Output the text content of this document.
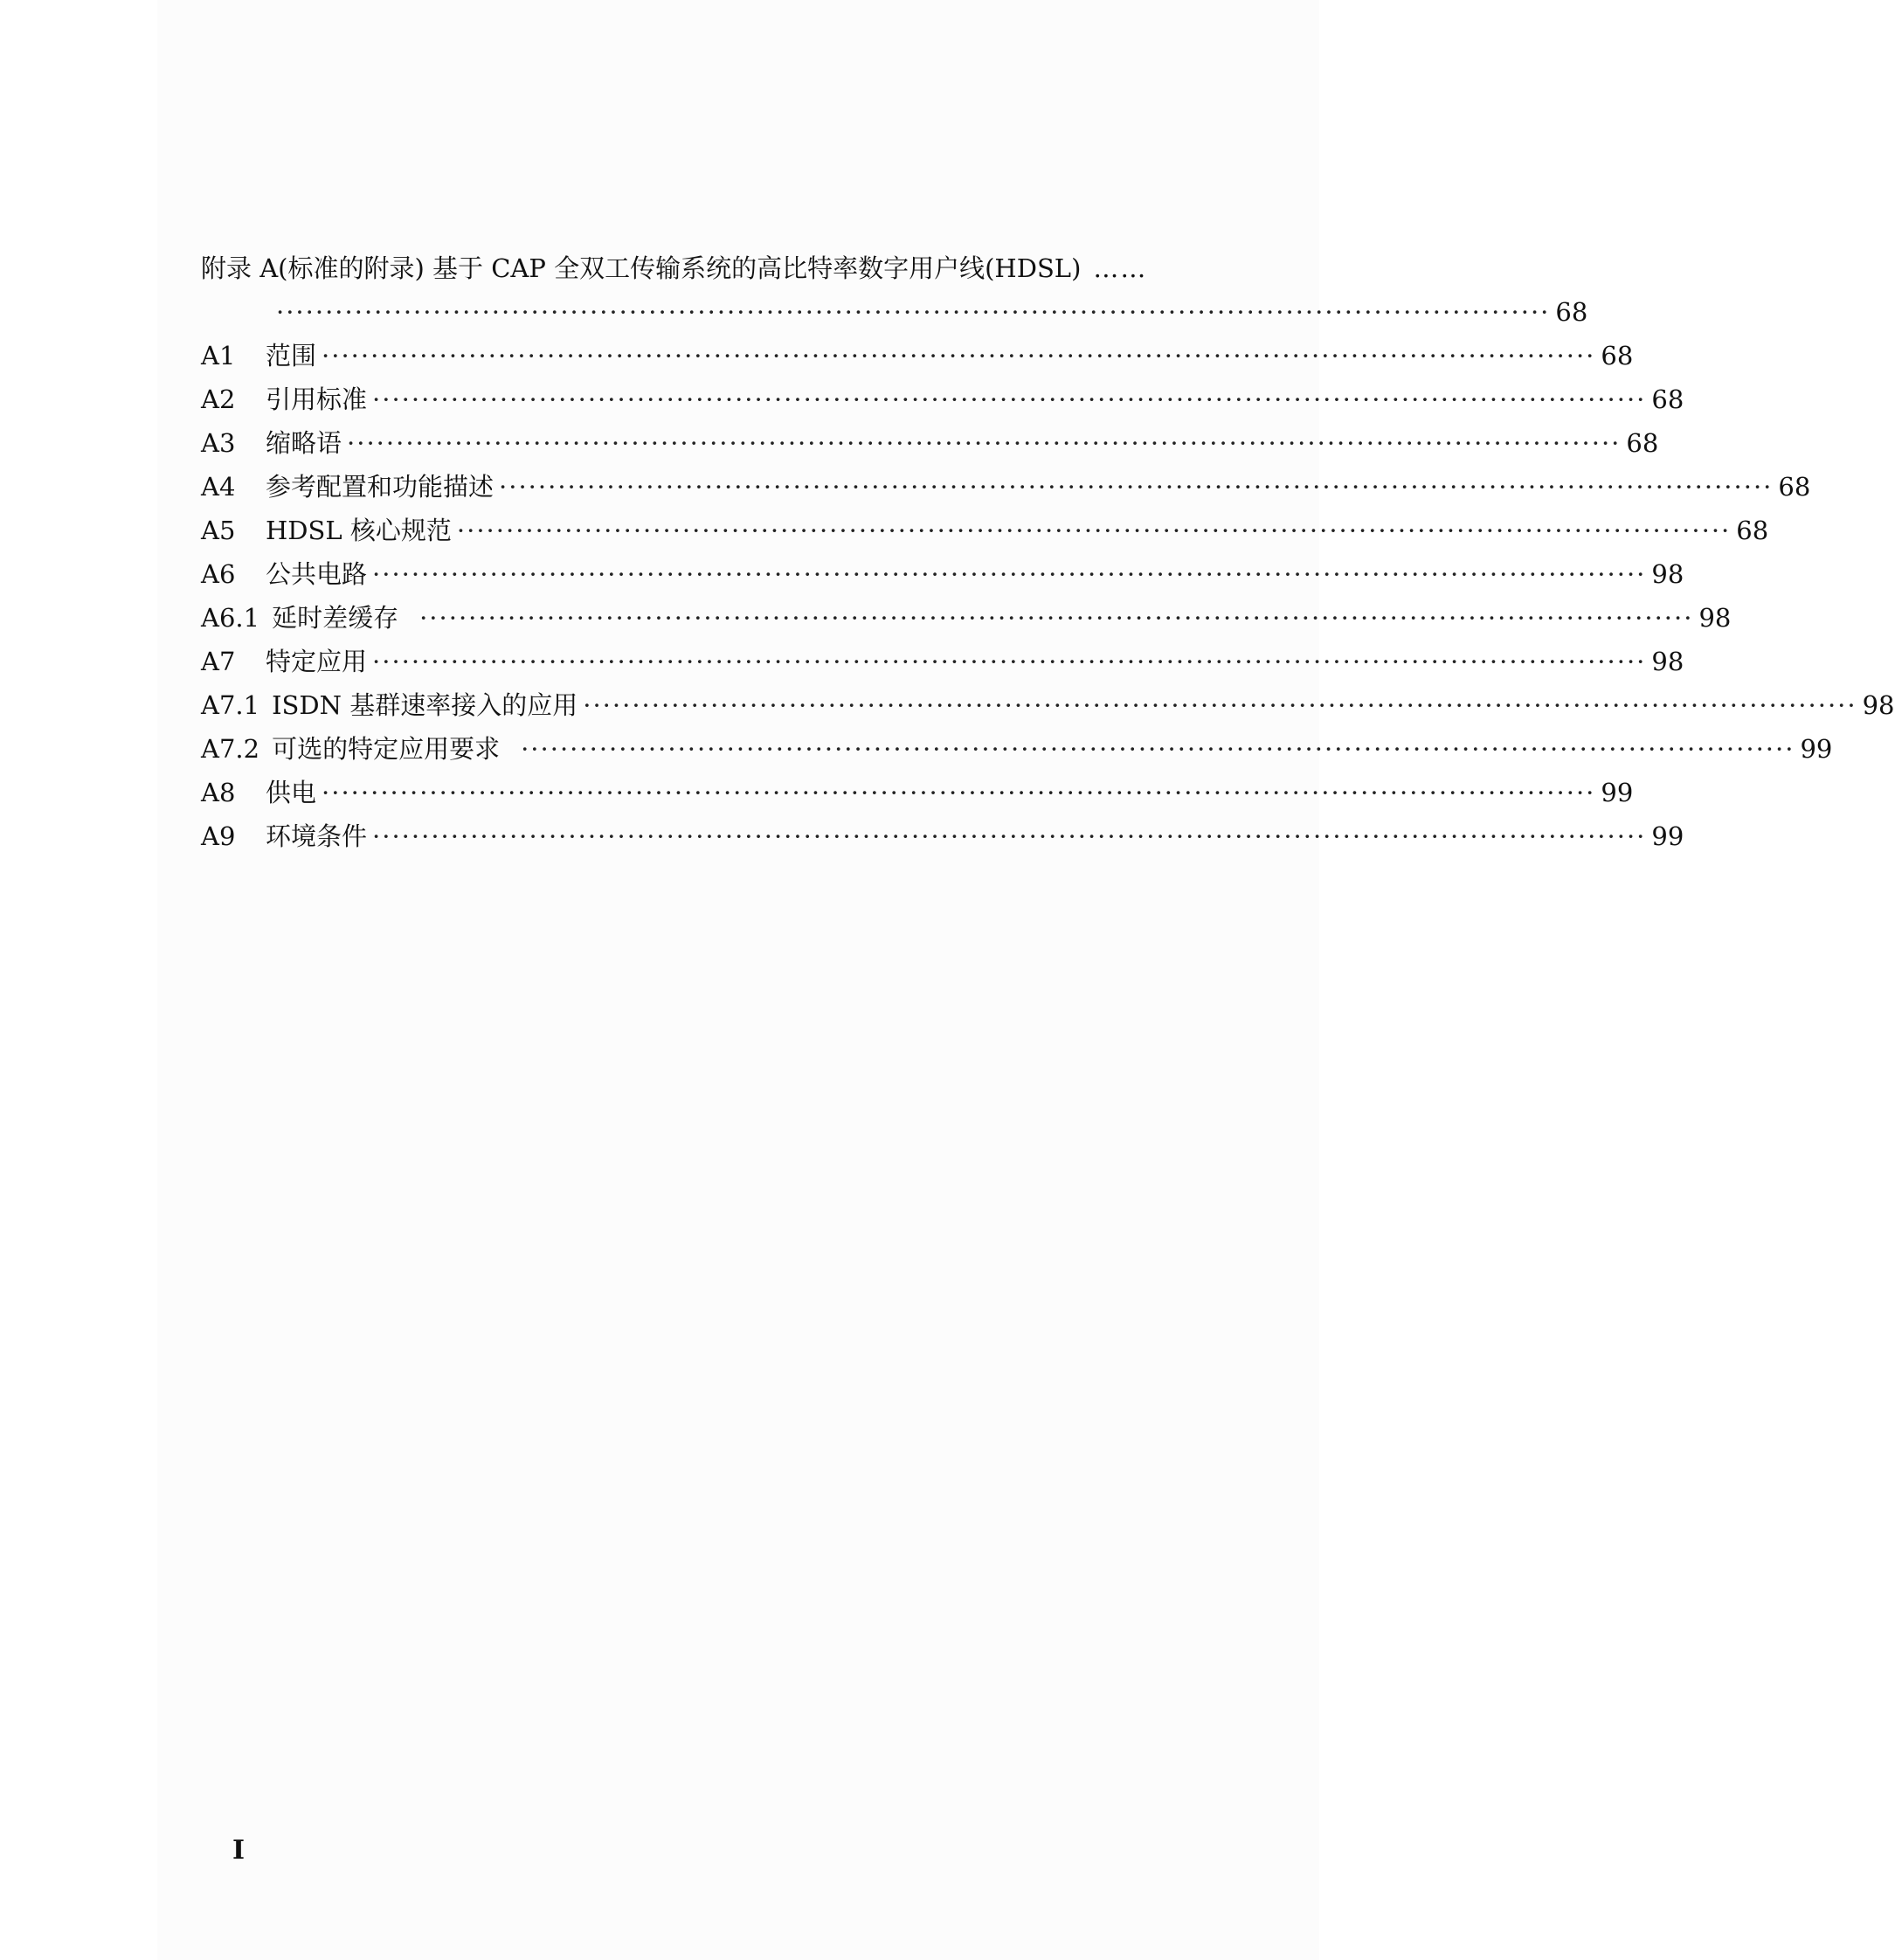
附录 A(标准的附录) 基于 CAP 全双工传输系统的高比特率数字用户线(HDSL) ……
·································································································································· 68
A1 范围 ·································································································································· 68
A2 引用标准 ·································································································································· 68
A3 缩略语 ·································································································································· 68
A4 参考配置和功能描述 ·································································································································· 68
A5 HDSL 核心规范 ·································································································································· 68
A6 公共电路 ·································································································································· 98
A6.1 延时差缓存 ·································································································································· 98
A7 特定应用 ·································································································································· 98
A7.1 ISDN 基群速率接入的应用 ·································································································································· 98
A7.2 可选的特定应用要求 ·································································································································· 99
A8 供电 ·································································································································· 99
A9 环境条件 ·································································································································· 99
I
